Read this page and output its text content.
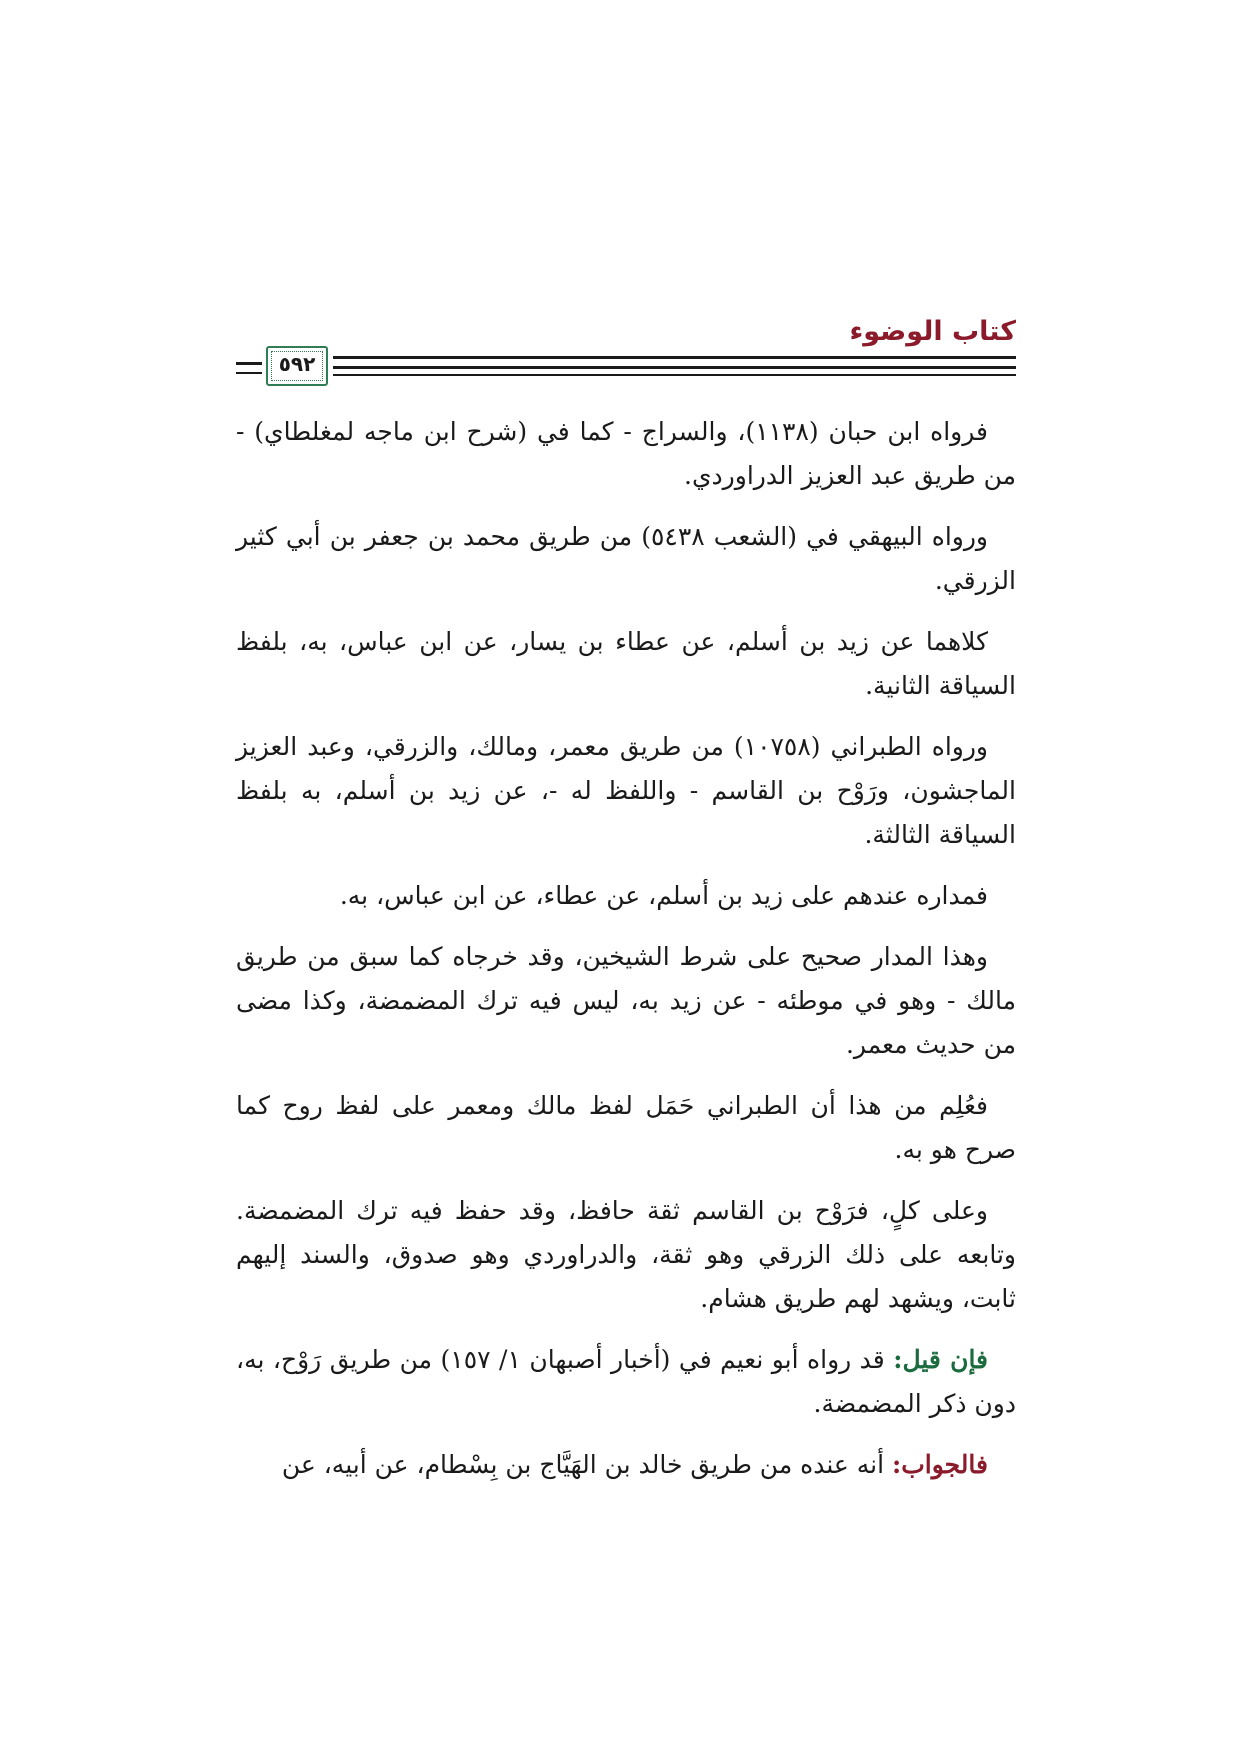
كتاب الوضوء
٥٩٢

فرواه ابن حبان (١١٣٨)، والسراج - كما في (شرح ابن ماجه لمغلطاي) - من طريق عبد العزيز الدراوردي.

ورواه البيهقي في (الشعب ٥٤٣٨) من طريق محمد بن جعفر بن أبي كثير الزرقي.

كلاهما عن زيد بن أسلم، عن عطاء بن يسار، عن ابن عباس، به، بلفظ السياقة الثانية.

ورواه الطبراني (١٠٧٥٨) من طريق معمر، ومالك، والزرقي، وعبد العزيز الماجشون، ورَوْح بن القاسم - واللفظ له -، عن زيد بن أسلم، به بلفظ السياقة الثالثة.

فمداره عندهم على زيد بن أسلم، عن عطاء، عن ابن عباس، به.

وهذا المدار صحيح على شرط الشيخين، وقد خرجاه كما سبق من طريق مالك - وهو في موطئه - عن زيد به، ليس فيه ترك المضمضة، وكذا مضى من حديث معمر.

فعُلِم من هذا أن الطبراني حَمَل لفظ مالك ومعمر على لفظ روح كما صرح هو به.

وعلى كلٍ، فرَوْح بن القاسم ثقة حافظ، وقد حفظ فيه ترك المضمضة. وتابعه على ذلك الزرقي وهو ثقة، والدراوردي وهو صدوق، والسند إليهم ثابت، ويشهد لهم طريق هشام.

فإن قيل: قد رواه أبو نعيم في (أخبار أصبهان ١/ ١٥٧) من طريق رَوْح، به، دون ذكر المضمضة.

فالجواب: أنه عنده من طريق خالد بن الهَيَّاج بن بِسْطام، عن أبيه، عن
